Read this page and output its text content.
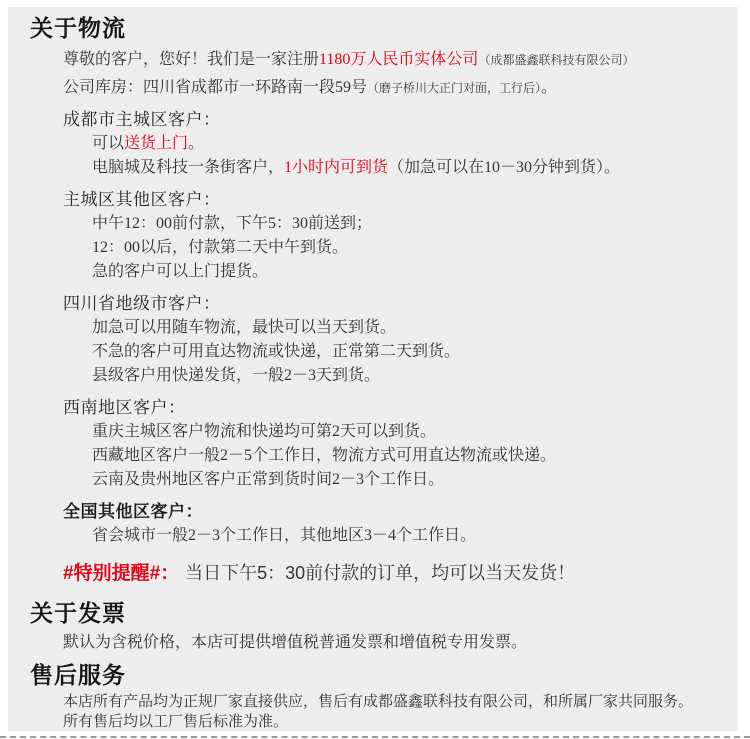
关于物流

尊敬的客户，您好！我们是一家注册1180万人民币实体公司（成都盛鑫联科技有限公司）

公司库房：四川省成都市一环路南一段59号（磨子桥川大正门对面，工行后）。

成都市主城区客户：

可以送货上门。

电脑城及科技一条街客户，1小时内可到货（加急可以在10－30分钟到货）。

主城区其他区客户：

中午12：00前付款，下午5：30前送到；

12：00以后，付款第二天中午到货。

急的客户可以上门提货。

四川省地级市客户：

加急可以用随车物流，最快可以当天到货。

不急的客户可用直达物流或快递，正常第二天到货。

县级客户用快递发货，一般2－3天到货。

西南地区客户：

重庆主城区客户物流和快递均可第2天可以到货。

西藏地区客户一般2－5个工作日，物流方式可用直达物流或快递。

云南及贵州地区客户正常到货时间2－3个工作日。

全国其他区客户：

省会城市一般2－3个工作日，其他地区3－4个工作日。

#特别提醒#： 当日下午5：30前付款的订单，均可以当天发货！
关于发票

默认为含税价格，本店可提供增值税普通发票和增值税专用发票。

售后服务

本店所有产品均为正规厂家直接供应，售后有成都盛鑫联科技有限公司，和所属厂家共同服务。

所有售后均以工厂售后标准为准。
